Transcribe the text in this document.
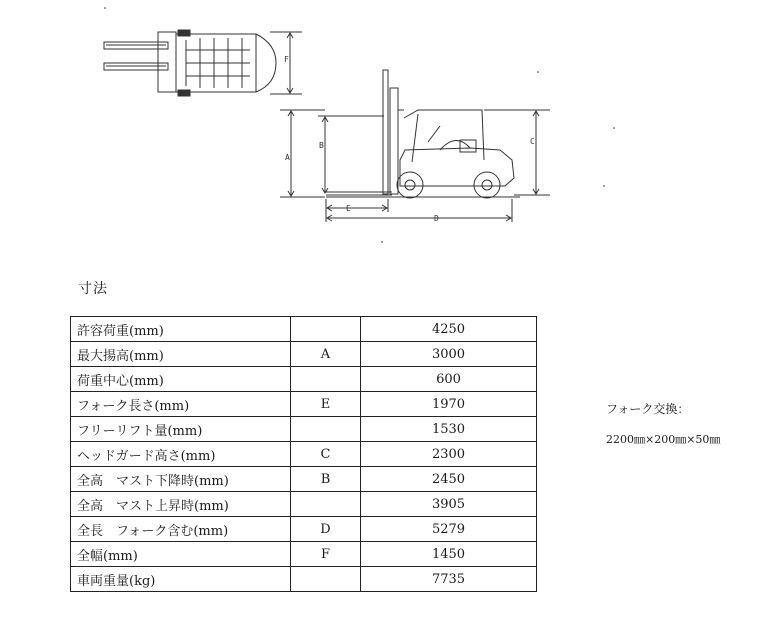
F
A
B	C
E
D
寸法
許容荷重(mm)		4250
最大揚高(mm)	A	3000
荷重中心(mm)		600
フォーク長さ(mm)	E	1970
フリーリフト量(mm)		1530
ヘッドガード高さ(mm)	C	2300
全高　マスト下降時(mm)	B	2450
全高　マスト上昇時(mm)		3905
全長　フォーク含む(mm)	D	5279
全幅(mm)	F	1450
車両重量(kg)		7735
フォーク交換：
2200㎜×200㎜×50㎜
